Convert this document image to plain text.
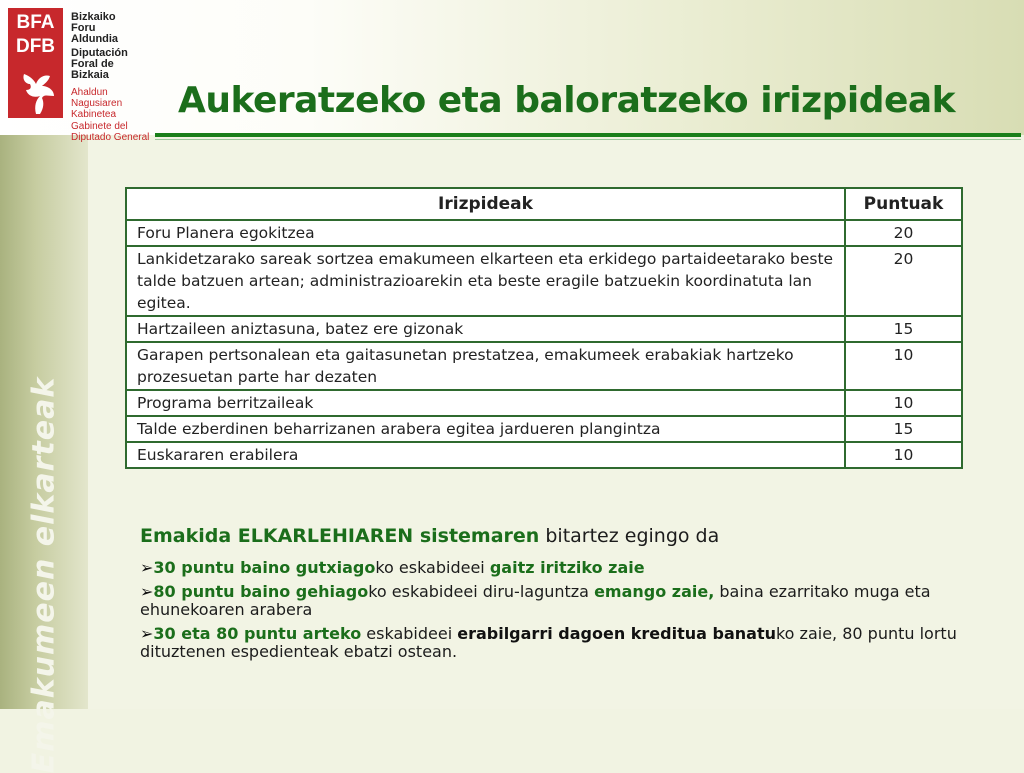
Emakumeen elkarteak
BFA
DFB
Bizkaiko Foru Aldundia
Diputación Foral de Bizkaia
Ahaldun Nagusiaren Kabinetea
Gabinete del Diputado General
Aukeratzeko eta baloratzeko irizpideak
Irizpideak	Puntuak
Foru Planera egokitzea	20
Lankidetzarako sareak sortzea emakumeen elkarteen eta erkidego partaideetarako beste talde batzuen artean; administrazioarekin eta beste eragile batzuekin koordinatuta lan egitea.	20
Hartzaileen aniztasuna, batez ere gizonak	15
Garapen pertsonalean eta gaitasunetan prestatzea, emakumeek erabakiak hartzeko prozesuetan parte har dezaten	10
Programa berritzaileak	10
Talde ezberdinen beharrizanen arabera egitea jardueren plangintza	15
Euskararen erabilera	10

Emakida ELKARLEHIAREN sistemaren bitartez egingo da

➢30 puntu baino gutxiagoko eskabideei gaitz iritziko zaie

➢80 puntu baino gehiagoko eskabideei diru-laguntza emango zaie, baina ezarritako muga eta ehunekoaren arabera

➢30 eta 80 puntu arteko eskabideei erabilgarri dagoen kreditua banatuko zaie, 80 puntu lortu dituztenen espedienteak ebatzi ostean.
